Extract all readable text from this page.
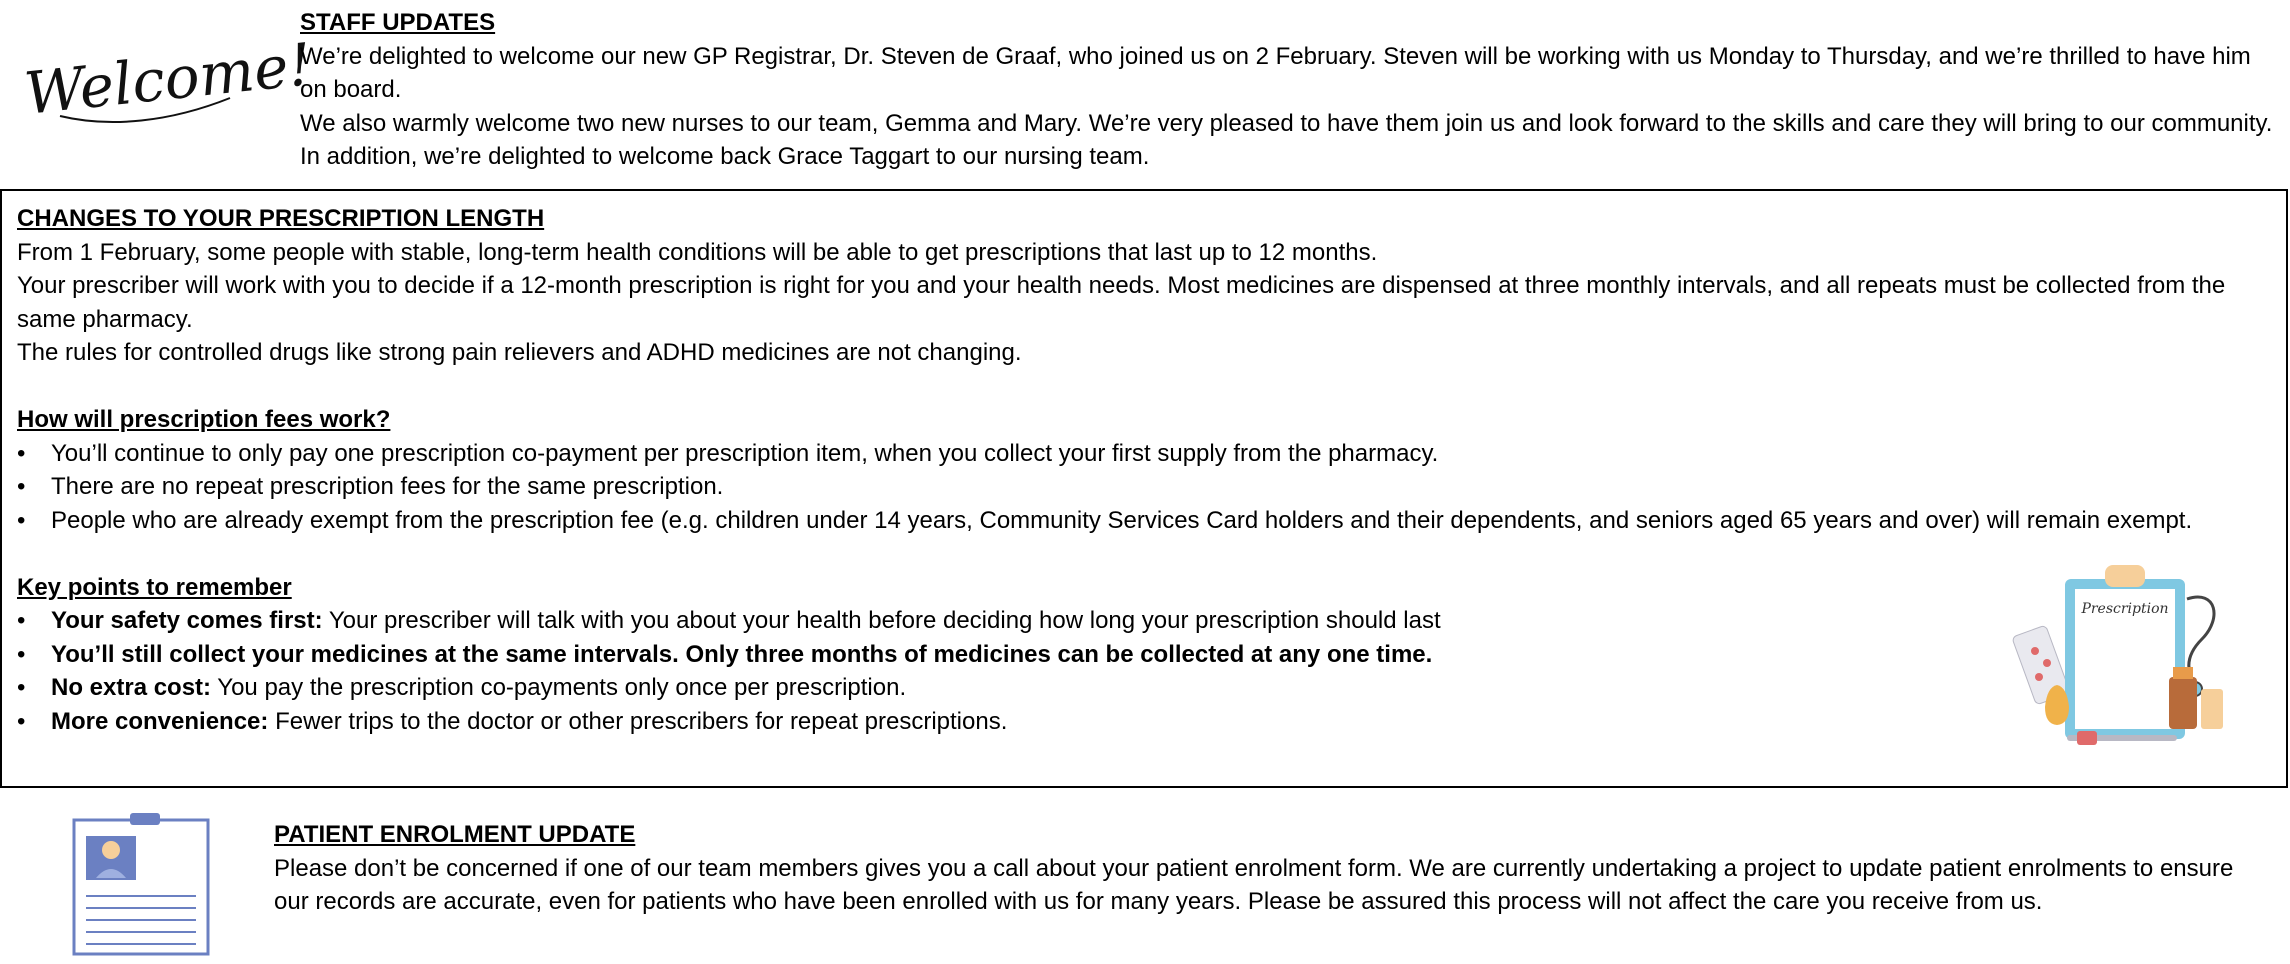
Welcome!

STAFF UPDATES

We’re delighted to welcome our new GP Registrar, Dr. Steven de Graaf, who joined us on 2 February. Steven will be working with us Monday to Thursday, and we’re thrilled to have him on board.

We also warmly welcome two new nurses to our team, Gemma and Mary. We’re very pleased to have them join us and look forward to the skills and care they will bring to our community. In addition, we’re delighted to welcome back Grace Taggart to our nursing team.

CHANGES TO YOUR PRESCRIPTION LENGTH

From 1 February, some people with stable, long-term health conditions will be able to get prescriptions that last up to 12 months.

Your prescriber will work with you to decide if a 12-month prescription is right for you and your health needs. Most medicines are dispensed at three monthly intervals, and all repeats must be collected from the same pharmacy.

The rules for controlled drugs like strong pain relievers and ADHD medicines are not changing.

How will prescription fees work?

• You’ll continue to only pay one prescription co-payment per prescription item, when you collect your first supply from the pharmacy.
• There are no repeat prescription fees for the same prescription.
• People who are already exempt from the prescription fee (e.g. children under 14 years, Community Services Card holders and their dependents, and seniors aged 65 years and over) will remain exempt.

Key points to remember

• Your safety comes first: Your prescriber will talk with you about your health before deciding how long your prescription should last
• You’ll still collect your medicines at the same intervals. Only three months of medicines can be collected at any one time.
• No extra cost: You pay the prescription co-payments only once per prescription.
• More convenience: Fewer trips to the doctor or other prescribers for repeat prescriptions.
Prescription

PATIENT ENROLMENT UPDATE

Please don’t be concerned if one of our team members gives you a call about your patient enrolment form. We are currently undertaking a project to update patient enrolments to ensure our records are accurate, even for patients who have been enrolled with us for many years. Please be assured this process will not affect the care you receive from us.
